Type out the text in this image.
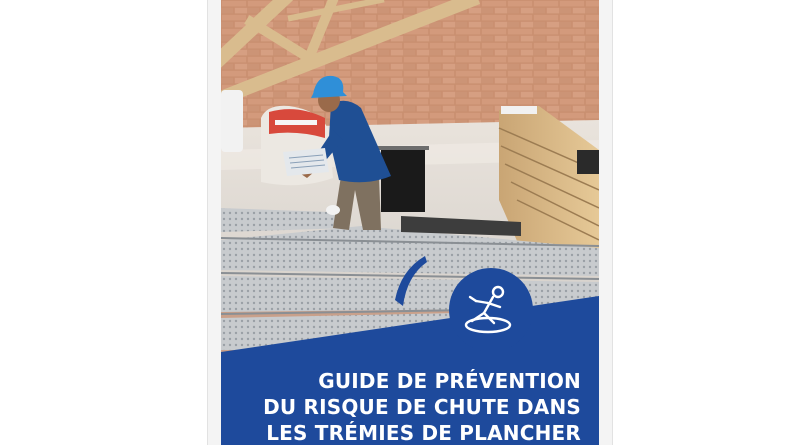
GUIDE DE PRÉVENTION
DU RISQUE DE CHUTE DANS
LES TRÉMIES DE PLANCHER
